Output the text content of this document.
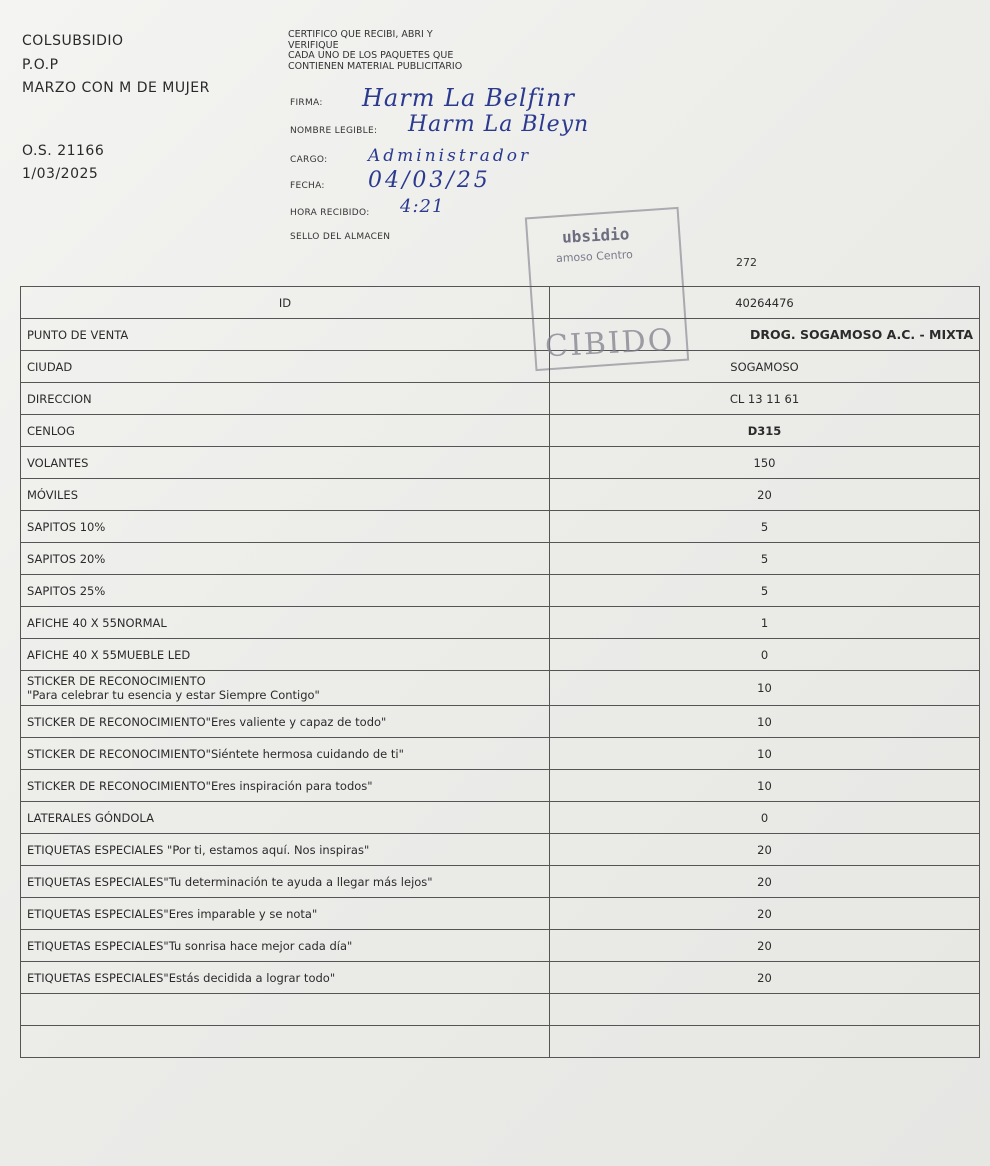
COLSUBSIDIO
P.O.P
MARZO CON M DE MUJER
O.S. 21166
1/03/2025
CERTIFICO QUE RECIBI, ABRI Y
VERIFIQUE
CADA UNO DE LOS PAQUETES QUE
CONTIENEN MATERIAL PUBLICITARIO
FIRMA: Harm La Belfinr
NOMBRE LEGIBLE: Harm La Bleyn
CARGO: Administrador
FECHA: 04/03/25
HORA RECIBIDO: 4:21
SELLO DEL ALMACEN	ubsidio
amoso Centro	272
ID	40264476
PUNTO DE VENTA	DROG. SOGAMOSO A.C. - MIXTA
CIUDAD	SOGAMOSO
DIRECCION	CL 13 11 61
CENLOG	D315
VOLANTES	150
MÓVILES	20
SAPITOS 10%	5
SAPITOS 20%	5
SAPITOS 25%	5
AFICHE 40 X 55NORMAL	1
AFICHE 40 X 55MUEBLE LED	0

STICKER DE RECONOCIMIENTO
"Para celebrar tu esencia y estar Siempre Contigo"	10
STICKER DE RECONOCIMIENTO"Eres valiente y capaz de todo"	10
STICKER DE RECONOCIMIENTO"Siéntete hermosa cuidando de ti"	10
STICKER DE RECONOCIMIENTO"Eres inspiración para todos"	10
LATERALES GÓNDOLA	0
ETIQUETAS ESPECIALES "Por ti, estamos aquí. Nos inspiras"	20
ETIQUETAS ESPECIALES"Tu determinación te ayuda a llegar más lejos"	20
ETIQUETAS ESPECIALES"Eres imparable y se nota"	20
ETIQUETAS ESPECIALES"Tu sonrisa hace mejor cada día"	20
ETIQUETAS ESPECIALES"Estás decidida a lograr todo"	20

CIBIDO
